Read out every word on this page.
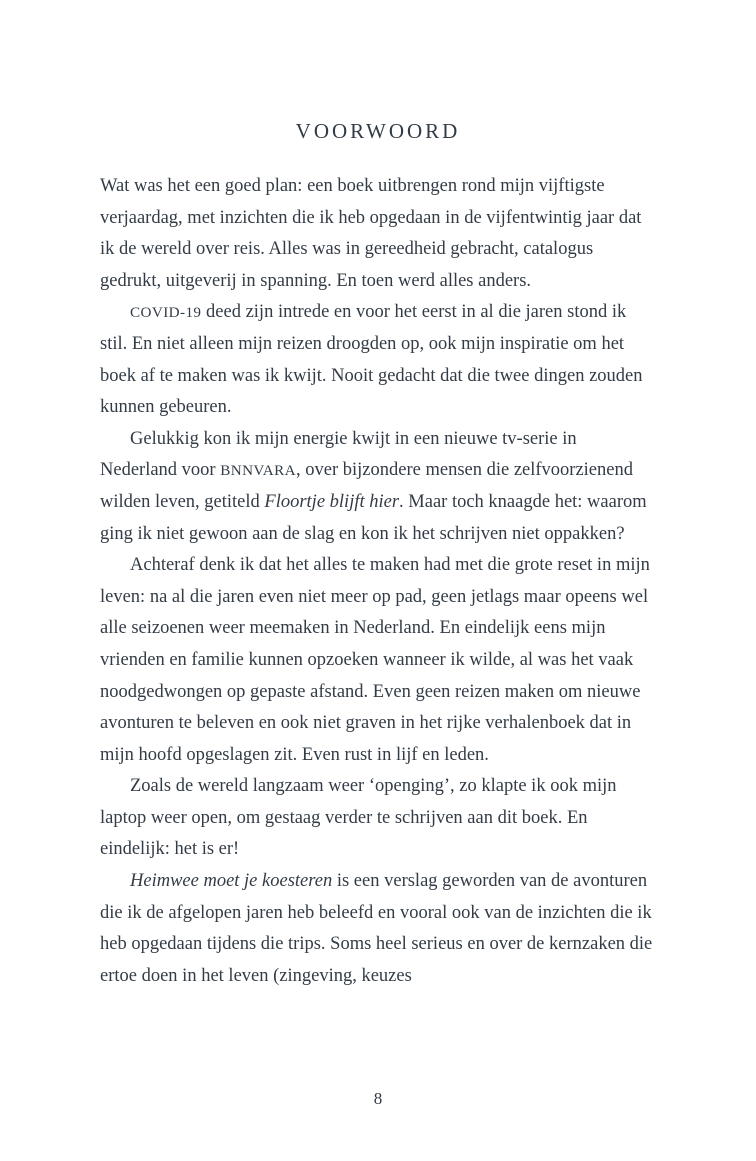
VOORWOORD

Wat was het een goed plan: een boek uitbrengen rond mijn vijftigste verjaardag, met inzichten die ik heb opgedaan in de vijfentwintig jaar dat ik de wereld over reis. Alles was in gereedheid gebracht, catalogus gedrukt, uitgeverij in spanning. En toen werd alles anders.

COVID-19 deed zijn intrede en voor het eerst in al die jaren stond ik stil. En niet alleen mijn reizen droogden op, ook mijn inspiratie om het boek af te maken was ik kwijt. Nooit gedacht dat die twee dingen zouden kunnen gebeuren.

Gelukkig kon ik mijn energie kwijt in een nieuwe tv-serie in Nederland voor BNNVARA, over bijzondere mensen die zelfvoorzienend wilden leven, getiteld Floortje blijft hier. Maar toch knaagde het: waarom ging ik niet gewoon aan de slag en kon ik het schrijven niet oppakken?

Achteraf denk ik dat het alles te maken had met die grote reset in mijn leven: na al die jaren even niet meer op pad, geen jetlags maar opeens wel alle seizoenen weer meemaken in Nederland. En eindelijk eens mijn vrienden en familie kunnen opzoeken wanneer ik wilde, al was het vaak noodgedwongen op gepaste afstand. Even geen reizen maken om nieuwe avonturen te beleven en ook niet graven in het rijke verhalenboek dat in mijn hoofd opgeslagen zit. Even rust in lijf en leden.

Zoals de wereld langzaam weer ‘openging’, zo klapte ik ook mijn laptop weer open, om gestaag verder te schrijven aan dit boek. En eindelijk: het is er!

Heimwee moet je koesteren is een verslag geworden van de avonturen die ik de afgelopen jaren heb beleefd en vooral ook van de inzichten die ik heb opgedaan tijdens die trips. Soms heel serieus en over de kernzaken die ertoe doen in het leven (zingeving, keuzes

8
